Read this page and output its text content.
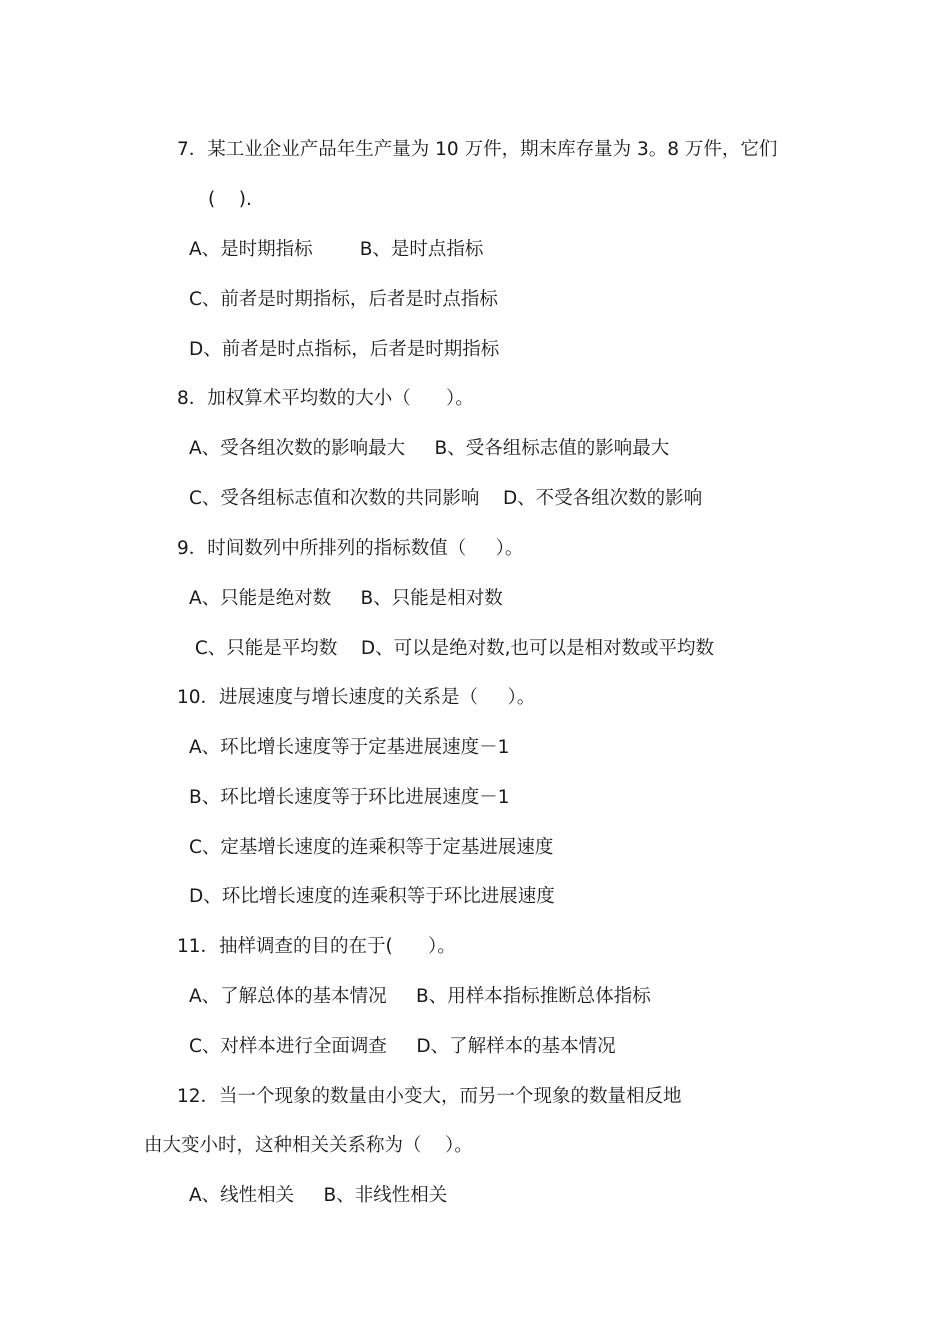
7．某工业企业产品年生产量为 10 万件，期末库存量为 3。8 万件，它们

(    ).

A、是时期指标        B、是时点指标

C、前者是时期指标，后者是时点指标

D、前者是时点指标，后者是时期指标

8．加权算术平均数的大小（      ）。

A、受各组次数的影响最大     B、受各组标志值的影响最大

C、受各组标志值和次数的共同影响    D、不受各组次数的影响

9．时间数列中所排列的指标数值（     ）。

A、只能是绝对数     B、只能是相对数

C、只能是平均数    D、可以是绝对数,也可以是相对数或平均数

10．进展速度与增长速度的关系是（     ）。

A、环比增长速度等于定基进展速度－1

B、环比增长速度等于环比进展速度－1

C、定基增长速度的连乘积等于定基进展速度

D、环比增长速度的连乘积等于环比进展速度

11．抽样调查的目的在于(      ）。

A、了解总体的基本情况     B、用样本指标推断总体指标

C、对样本进行全面调查     D、了解样本的基本情况

12．当一个现象的数量由小变大，而另一个现象的数量相反地

由大变小时，这种相关关系称为（    ）。

A、线性相关     B、非线性相关
